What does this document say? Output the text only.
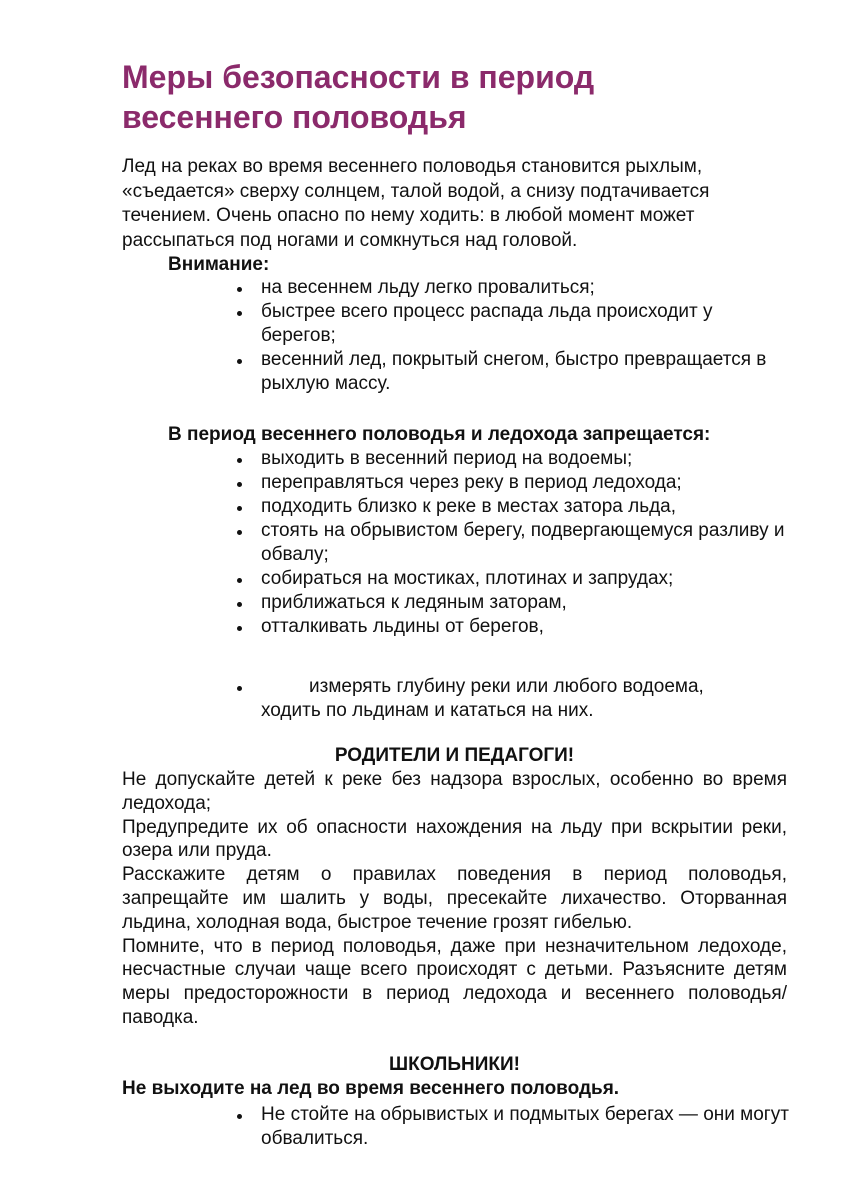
Меры безопасности в период весеннего половодья

Лед на реках во время весеннего половодья становится рыхлым, «съедается» сверху солнцем, талой водой, а снизу подтачивается течением. Очень опасно по нему ходить: в любой момент может рассыпаться под ногами и сомкнуться над головой.

Внимание:

на весеннем льду легко провалиться;
быстрее всего процесс распада льда происходит у берегов;
весенний лед, покрытый снегом, быстро превращается в рыхлую массу.

В период весеннего половодья и ледохода запрещается:

выходить в весенний период на водоемы;
переправляться через реку в период ледохода;
подходить близко к реке в местах затора льда,
стоять на обрывистом берегу, подвергающемуся разливу и обвалу;
собираться на мостиках, плотинах и запрудах;
приближаться к ледяным заторам,
отталкивать льдины от берегов,
измерять глубину реки или любого водоема,
ходить по льдинам и кататься на них.

РОДИТЕЛИ И ПЕДАГОГИ!

Не допускайте детей к реке без надзора взрослых, особенно во время ледохода;

Предупредите их об опасности нахождения на льду при вскрытии реки, озера или пруда.

Расскажите детям о правилах поведения в период половодья, запрещайте им шалить у воды, пресекайте лихачество. Оторванная льдина, холодная вода, быстрое течение грозят гибелью.

Помните, что в период половодья, даже при незначительном ледоходе, несчастные случаи чаще всего происходят с детьми. Разъясните детям меры предосторожности в период ледохода и весеннего половодья/паводка.

ШКОЛЬНИКИ!

Не выходите на лед во время весеннего половодья.

Не стойте на обрывистых и подмытых берегах — они могут обвалиться.
